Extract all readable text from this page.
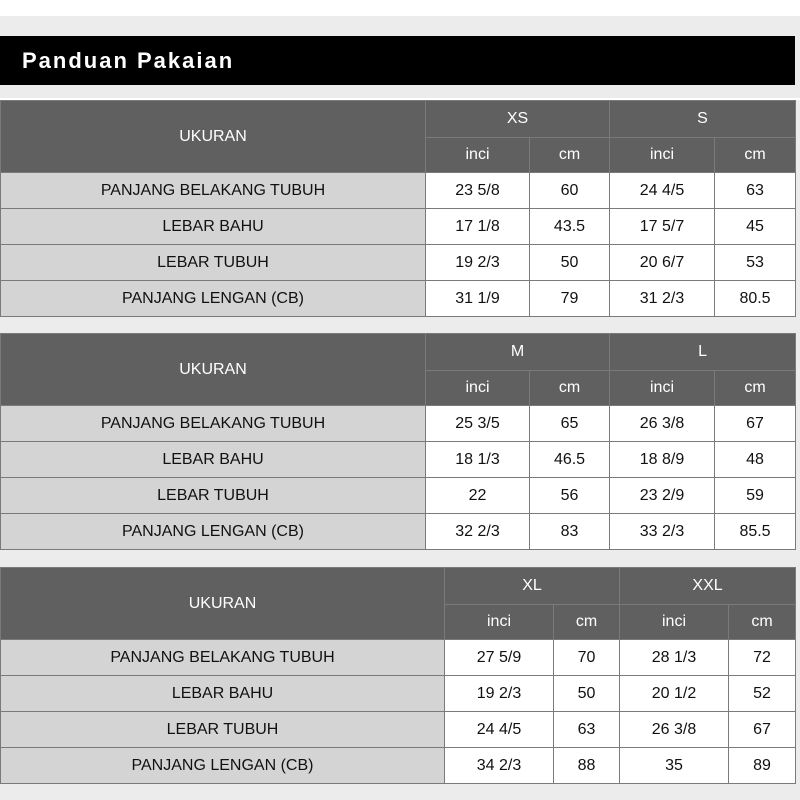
Panduan Pakaian
UKURAN	XS		S	
	inci	cm	inci	cm
PANJANG BELAKANG TUBUH	23 5/8	60	24 4/5	63
LEBAR BAHU	17 1/8	43.5	17 5/7	45
LEBAR TUBUH	19 2/3	50	20 6/7	53
PANJANG LENGAN (CB)	31 1/9	79	31 2/3	80.5
UKURAN	M		L	
	inci	cm	inci	cm
PANJANG BELAKANG TUBUH	25 3/5	65	26 3/8	67
LEBAR BAHU	18 1/3	46.5	18 8/9	48
LEBAR TUBUH	22	56	23 2/9	59
PANJANG LENGAN (CB)	32 2/3	83	33 2/3	85.5
UKURAN	XL		XXL	
	inci	cm	inci	cm
PANJANG BELAKANG TUBUH	27 5/9	70	28 1/3	72
LEBAR BAHU	19 2/3	50	20 1/2	52
LEBAR TUBUH	24 4/5	63	26 3/8	67
PANJANG LENGAN (CB)	34 2/3	88	35	89
